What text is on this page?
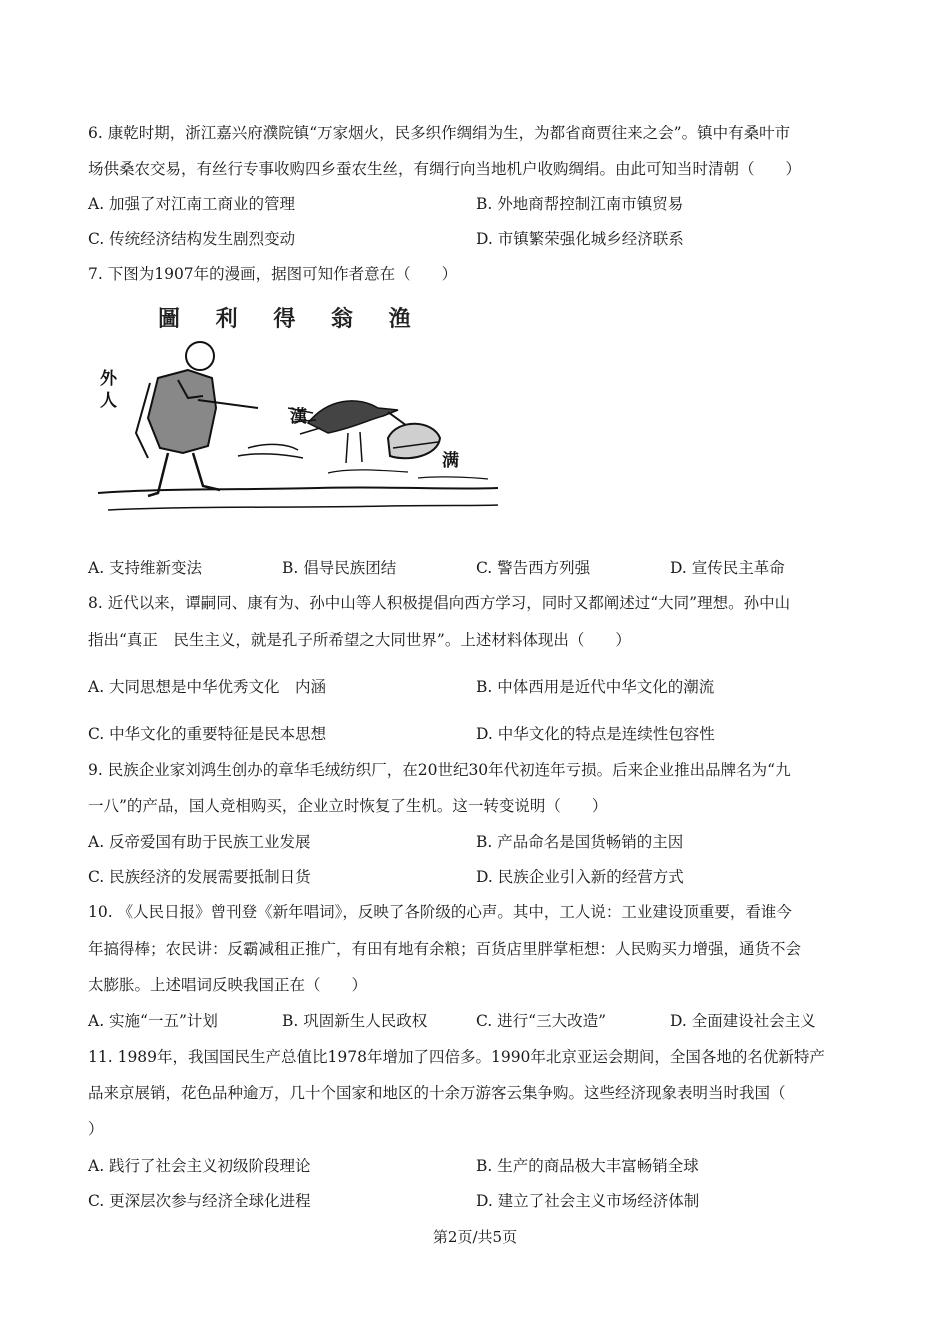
6. 康乾时期，浙江嘉兴府濮院镇“万家烟火，民多织作绸绢为生，为都省商贾往来之会”。镇中有桑叶市
场供桑农交易，有丝行专事收购四乡蚕农生丝，有绸行向当地机户收购绸绢。由此可知当时清朝（　　）
A. 加强了对江南工商业的管理	B. 外地商帮控制江南市镇贸易
C. 传统经济结构发生剧烈变动	D. 市镇繁荣强化城乡经济联系
7. 下图为1907年的漫画，据图可知作者意在（　　）
圖 利 得 翁 渔
外人
漢
满
A. 支持维新变法	B. 倡导民族团结	C. 警告西方列强	D. 宣传民主革命
8. 近代以来，谭嗣同、康有为、孙中山等人积极提倡向西方学习，同时又都阐述过“大同”理想。孙中山
指出“真正　民生主义，就是孔子所希望之大同世界”。上述材料体现出（　　）
A. 大同思想是中华优秀文化　内涵	B. 中体西用是近代中华文化的潮流
C. 中华文化的重要特征是民本思想	D. 中华文化的特点是连续性包容性
9. 民族企业家刘鸿生创办的章华毛绒纺织厂，在20世纪30年代初连年亏损。后来企业推出品牌名为“九
一八”的产品，国人竞相购买，企业立时恢复了生机。这一转变说明（　　）
A. 反帝爱国有助于民族工业发展	B. 产品命名是国货畅销的主因
C. 民族经济的发展需要抵制日货	D. 民族企业引入新的经营方式
10. 《人民日报》曾刊登《新年唱词》，反映了各阶级的心声。其中，工人说：工业建设顶重要，看谁今
年搞得棒；农民讲：反霸减租正推广，有田有地有余粮；百货店里胖掌柜想：人民购买力增强，通货不会
太膨胀。上述唱词反映我国正在（　　）
A. 实施“一五”计划	B. 巩固新生人民政权	C. 进行“三大改造”	D. 全面建设社会主义
11. 1989年，我国国民生产总值比1978年增加了四倍多。1990年北京亚运会期间，全国各地的名优新特产
品来京展销，花色品种逾万，几十个国家和地区的十余万游客云集争购。这些经济现象表明当时我国（
）
A. 践行了社会主义初级阶段理论	B. 生产的商品极大丰富畅销全球
C. 更深层次参与经济全球化进程	D. 建立了社会主义市场经济体制
第2页/共5页
